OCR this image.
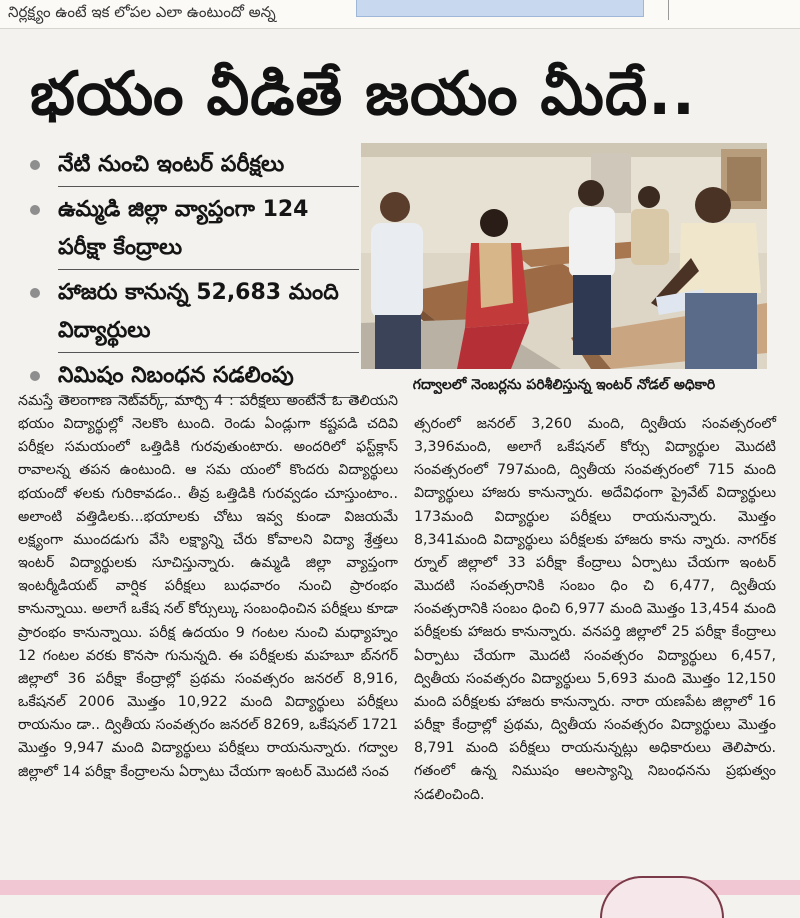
నిర్లక్ష్యం ఉంటే ఇక లోపల ఎలా ఉంటుందో అన్న
భయం వీడితే జయం మీదే..
నేటి నుంచి ఇంటర్ పరీక్షలు
ఉమ్మడి జిల్లా వ్యాప్తంగా 124 పరీక్షా కేంద్రాలు
హాజరు కానున్న 52,683 మంది విద్యార్థులు
నిమిషం నిబంధన సడలింపు	గద్వాలలో నెంబర్లను పరిశీలిస్తున్న ఇంటర్ నోడల్ అధికారి

నమస్తే తెలంగాణ నెట్‌వర్క్, మార్చి 4 : పరీక్షలు అంటేనే ఓ తెలియని భయం విద్యార్థుల్లో నెలకొం టుంది. రెండు ఏండ్లుగా కష్టపడి చదివి పరీక్షల సమయంలో ఒత్తిడికి గురవుతుంటారు. అందరిలో ఫస్ట్‌క్లాస్ రావాలన్న తపన ఉంటుంది. ఆ సమ యంలో కొందరు విద్యార్థులు భయందో ళలకు గురికావడం.. తీవ్ర ఒత్తిడికి గురవ్వడం చూస్తుంటాం.. అలాంటి వత్తిడిలకు...భయాలకు చోటు ఇవ్వ కుండా విజయమే లక్ష్యంగా ముందడుగు వేసి లక్ష్యాన్ని చేరు కోవాలని విద్యా శ్రేత్తలు ఇంటర్ విద్యార్థులకు సూచిస్తున్నారు. ఉమ్మడి జిల్లా వ్యాప్తంగా ఇంటర్మీడియట్ వార్షిక పరీక్షలు బుధవారం నుంచి ప్రారంభం కానున్నాయి. అలాగే ఒకేష నల్ కోర్సుల్కు సంబంధించిన పరీక్షలు కూడా ప్రారంభం కానున్నాయి. పరీక్ష ఉదయం 9 గంటల నుంచి మధ్యాహ్నం 12 గంటల వరకు కొనసా గునున్నది. ఈ పరీక్షలకు మహబూ బ్‌నగర్ జిల్లాలో 36 పరీక్షా కేంద్రాల్లో ప్రథమ సంవత్సరం జనరల్ 8,916, ఒకేషనల్ 2006 మొత్తం 10,922 మంది విద్యార్థులు పరీక్షలు రాయనుం డా.. ద్వితీయ సంవత్సరం జనరల్ 8269, ఒకేషనల్ 1721 మొత్తం 9,947 మంది విద్యార్థులు పరీక్షలు రాయనున్నారు. గద్వాల జిల్లాలో 14 పరీక్షా కేంద్రాలను ఏర్పాటు చేయగా ఇంటర్ మొదటి సంవ

త్సరంలో జనరల్ 3,260 మంది, ద్వితీయ సంవత్సరంలో 3,396మంది, అలాగే ఒకేషనల్ కోర్సు విద్యార్థుల మొదటి సంవత్సరంలో 797మంది, ద్వితీయ సంవత్సరంలో 715 మంది విద్యార్థులు హాజరు కానున్నారు. అదేవిధంగా ప్రైవేట్ విద్యార్థులు 173మంది విద్యార్థుల పరీక్షలు రాయనున్నారు. మొత్తం 8,341మంది విద్యార్థులు పరీక్షలకు హాజరు కాను న్నారు. నాగర్‌క ర్నూల్ జిల్లాలో 33 పరీక్షా కేంద్రాలు ఏర్పాటు చేయగా ఇంటర్ మొదటి సంవత్సరానికి సంబం ధిం చి 6,477, ద్వితీయ సంవత్సరానికి సంబం ధించి 6,977 మంది మొత్తం 13,454 మంది పరీక్షలకు హాజరు కానున్నారు. వనపర్తి జిల్లాలో 25 పరీక్షా కేంద్రాలు ఏర్పాటు చేయగా మొదటి సంవత్సరం విద్యార్థులు 6,457, ద్వితీయ సంవత్సరం విద్యార్థులు 5,693 మంది మొత్తం 12,150 మంది పరీక్షలకు హాజరు కానున్నారు. నారా యణపేట జిల్లాలో 16 పరీక్షా కేంద్రాల్లో ప్రథమ, ద్వితీయ సంవత్సరం విద్యార్థులు మొత్తం 8,791 మంది పరీక్షలు రాయనున్నట్లు అధికారులు తెలిపారు. గతంలో ఉన్న నిముషం ఆలస్యాన్ని నిబంధనను ప్రభుత్వం సడలించింది.
